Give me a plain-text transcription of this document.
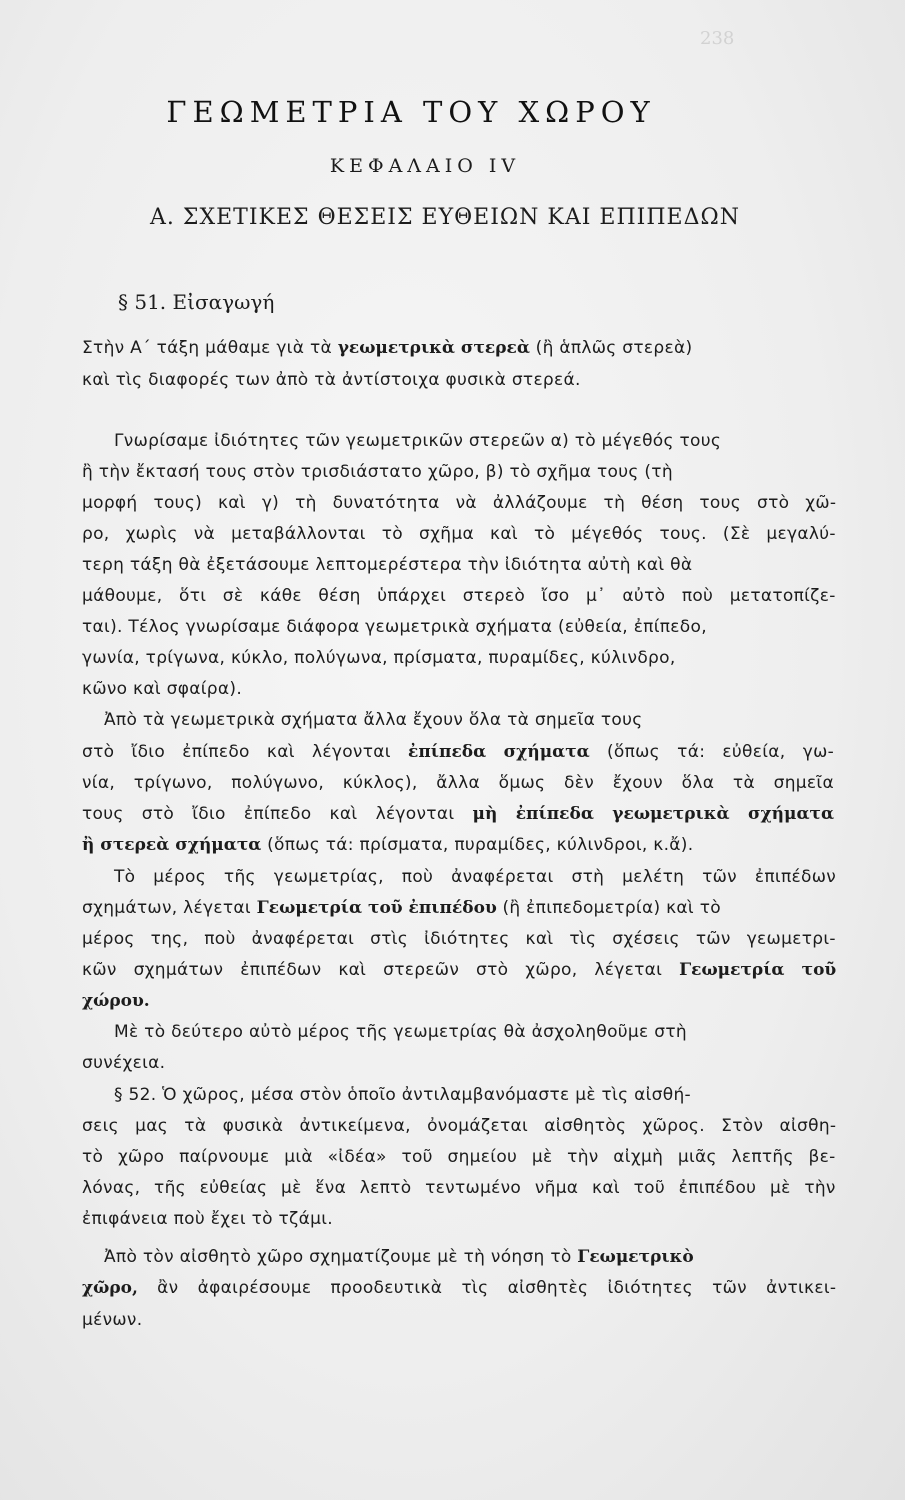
238
ΓΕΩΜΕΤΡΙΑ ΤΟΥ ΧΩΡΟΥ
ΚΕΦΑΛΑΙΟ IV
Α. ΣΧΕΤΙΚΕΣ ΘΕΣΕΙΣ ΕΥΘΕΙΩΝ ΚΑΙ ΕΠΙΠΕΔΩΝ
§ 51. Εἰσαγωγή

Στὴν Α΄ τάξη μάθαμε γιὰ τὰ γεωμετρικὰ στερεὰ (ἢ ἁπλῶς στερεὰ)

καὶ τὶς διαφορές των ἀπὸ τὰ ἀντίστοιχα φυσικὰ στερεά.

Γνωρίσαμε ἰδιότητες τῶν γεωμετρικῶν στερεῶν α) τὸ μέγεθός τους

ἢ τὴν ἔκτασή τους στὸν τρισδιάστατο χῶρο, β) τὸ σχῆμα τους (τὴ

μορφή τους) καὶ γ) τὴ δυνατότητα νὰ ἀλλάζουμε τὴ θέση τους στὸ χῶ-

ρο, χωρὶς νὰ μεταβάλλονται τὸ σχῆμα καὶ τὸ μέγεθός τους. (Σὲ μεγαλύ-

τερη τάξη θὰ ἐξετάσουμε λεπτομερέστερα τὴν ἰδιότητα αὐτὴ καὶ θὰ

μάθουμε, ὅτι σὲ κάθε θέση ὑπάρχει στερεὸ ἴσο μ᾽ αὐτὸ ποὺ μετατοπίζε-

ται). Τέλος γνωρίσαμε διάφορα γεωμετρικὰ σχήματα (εὐθεία, ἐπίπεδο,

γωνία, τρίγωνα, κύκλο, πολύγωνα, πρίσματα, πυραμίδες, κύλινδρο,

κῶνο καὶ σφαίρα).

Ἀπὸ τὰ γεωμετρικὰ σχήματα ἄλλα ἔχουν ὅλα τὰ σημεῖα τους

στὸ ἴδιο ἐπίπεδο καὶ λέγονται ἐπίπεδα σχήματα (ὅπως τά: εὐθεία, γω-

νία, τρίγωνο, πολύγωνο, κύκλος), ἄλλα ὅμως δὲν ἔχουν ὅλα τὰ σημεῖα

τους στὸ ἴδιο ἐπίπεδο καὶ λέγονται μὴ ἐπίπεδα γεωμετρικὰ σχήματα

ἢ στερεὰ σχήματα (ὅπως τά: πρίσματα, πυραμίδες, κύλινδροι, κ.ἄ).

Τὸ μέρος τῆς γεωμετρίας, ποὺ ἀναφέρεται στὴ μελέτη τῶν ἐπιπέδων

σχημάτων, λέγεται Γεωμετρία τοῦ ἐπιπέδου (ἢ ἐπιπεδομετρία) καὶ τὸ

μέρος της, ποὺ ἀναφέρεται στὶς ἰδιότητες καὶ τὶς σχέσεις τῶν γεωμετρι-

κῶν σχημάτων ἐπιπέδων καὶ στερεῶν στὸ χῶρο, λέγεται Γεωμετρία τοῦ

χώρου.

Μὲ τὸ δεύτερο αὐτὸ μέρος τῆς γεωμετρίας θὰ ἀσχοληθοῦμε στὴ

συνέχεια.

§ 52. Ὁ χῶρος, μέσα στὸν ὁποῖο ἀντιλαμβανόμαστε μὲ τὶς αἰσθή-

σεις μας τὰ φυσικὰ ἀντικείμενα, ὀνομάζεται αἰσθητὸς χῶρος. Στὸν αἰσθη-

τὸ χῶρο παίρνουμε μιὰ «ἰδέα» τοῦ σημείου μὲ τὴν αἰχμὴ μιᾶς λεπτῆς βε-

λόνας, τῆς εὐθείας μὲ ἕνα λεπτὸ τεντωμένο νῆμα καὶ τοῦ ἐπιπέδου μὲ τὴν

ἐπιφάνεια ποὺ ἔχει τὸ τζάμι.

Ἀπὸ τὸν αἰσθητὸ χῶρο σχηματίζουμε μὲ τὴ νόηση τὸ Γεωμετρικὸ

χῶρο, ἂν ἀφαιρέσουμε προοδευτικὰ τὶς αἰσθητὲς ἰδιότητες τῶν ἀντικει-

μένων.
